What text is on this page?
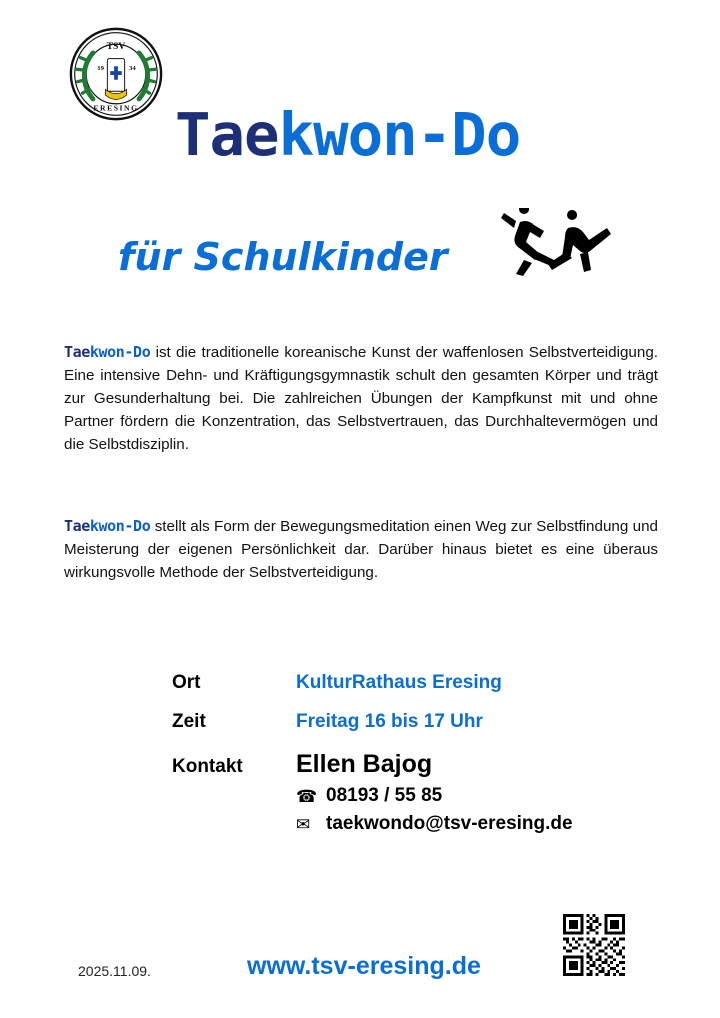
TSV
19	34
ERESING Taekwon-Do
für Schulkinder
Taekwon-Do ist die traditionelle koreanische Kunst der waffenlosen Selbstverteidigung. Eine intensive Dehn- und Kräftigungsgymnastik schult den gesamten Körper und trägt zur Gesunderhaltung bei. Die zahlreichen Übungen der Kampfkunst mit und ohne Partner fördern die Konzentration, das Selbstvertrauen, das Durchhaltevermögen und die Selbstdisziplin.
Taekwon-Do stellt als Form der Bewegungsmeditation einen Weg zur Selbstfindung und Meisterung der eigenen Persönlichkeit dar. Darüber hinaus bietet es eine überaus wirkungsvolle Methode der Selbstverteidigung.
Ort	KulturRathaus Eresing
Zeit	Freitag 16 bis 17 Uhr
Kontakt	Ellen Bajog
☎ 08193 / 55 85
✉ taekwondo@tsv-eresing.de
2025.11.09.	www.tsv-eresing.de
